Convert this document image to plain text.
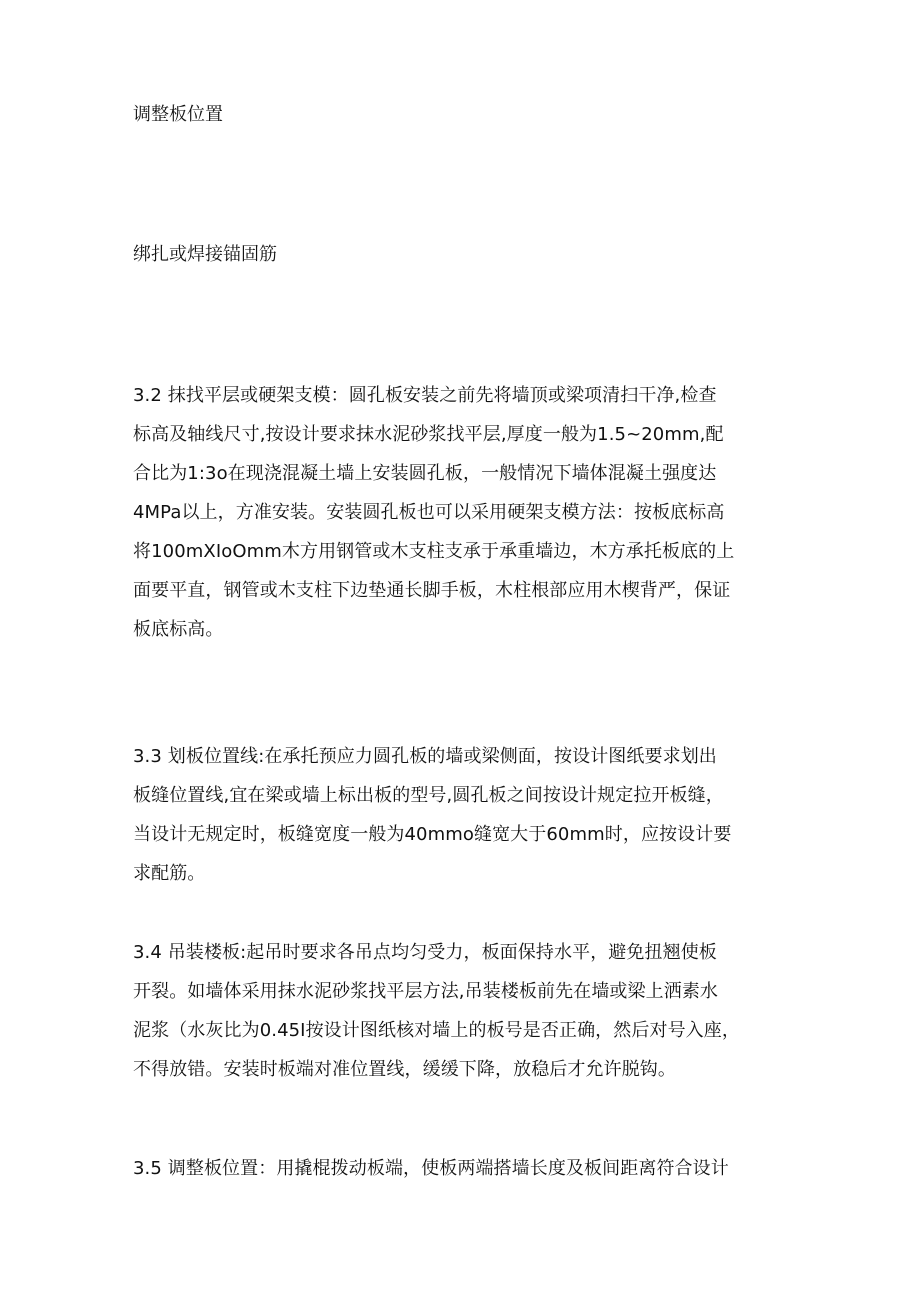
调整板位置
绑扎或焊接锚固筋
3.2 抹找平层或硬架支模：圆孔板安装之前先将墙顶或梁项清扫干净,检查
标高及轴线尺寸,按设计要求抹水泥砂浆找平层,厚度一般为1.5~20mm,配
合比为1:3o在现浇混凝土墙上安装圆孔板，一般情况下墙体混凝土强度达
4MPa以上，方准安装。安装圆孔板也可以采用硬架支模方法：按板底标高
将100mXIoOmm木方用钢管或木支柱支承于承重墙边，木方承托板底的上
面要平直，钢管或木支柱下边垫通长脚手板，木柱根部应用木楔背严，保证
板底标高。
3.3 划板位置线:在承托预应力圆孔板的墙或梁侧面，按设计图纸要求划出
板缝位置线,宜在梁或墙上标出板的型号,圆孔板之间按设计规定拉开板缝，
当设计无规定时，板缝宽度一般为40mmo缝宽大于60mm时，应按设计要
求配筋。
3.4 吊装楼板:起吊时要求各吊点均匀受力，板面保持水平，避免扭翘使板
开裂。如墙体采用抹水泥砂浆找平层方法,吊装楼板前先在墙或梁上洒素水
泥浆（水灰比为0.45I按设计图纸核对墙上的板号是否正确，然后对号入座，
不得放错。安装时板端对准位置线，缓缓下降，放稳后才允许脱钩。
3.5 调整板位置：用撬棍拨动板端，使板两端搭墙长度及板间距离符合设计
